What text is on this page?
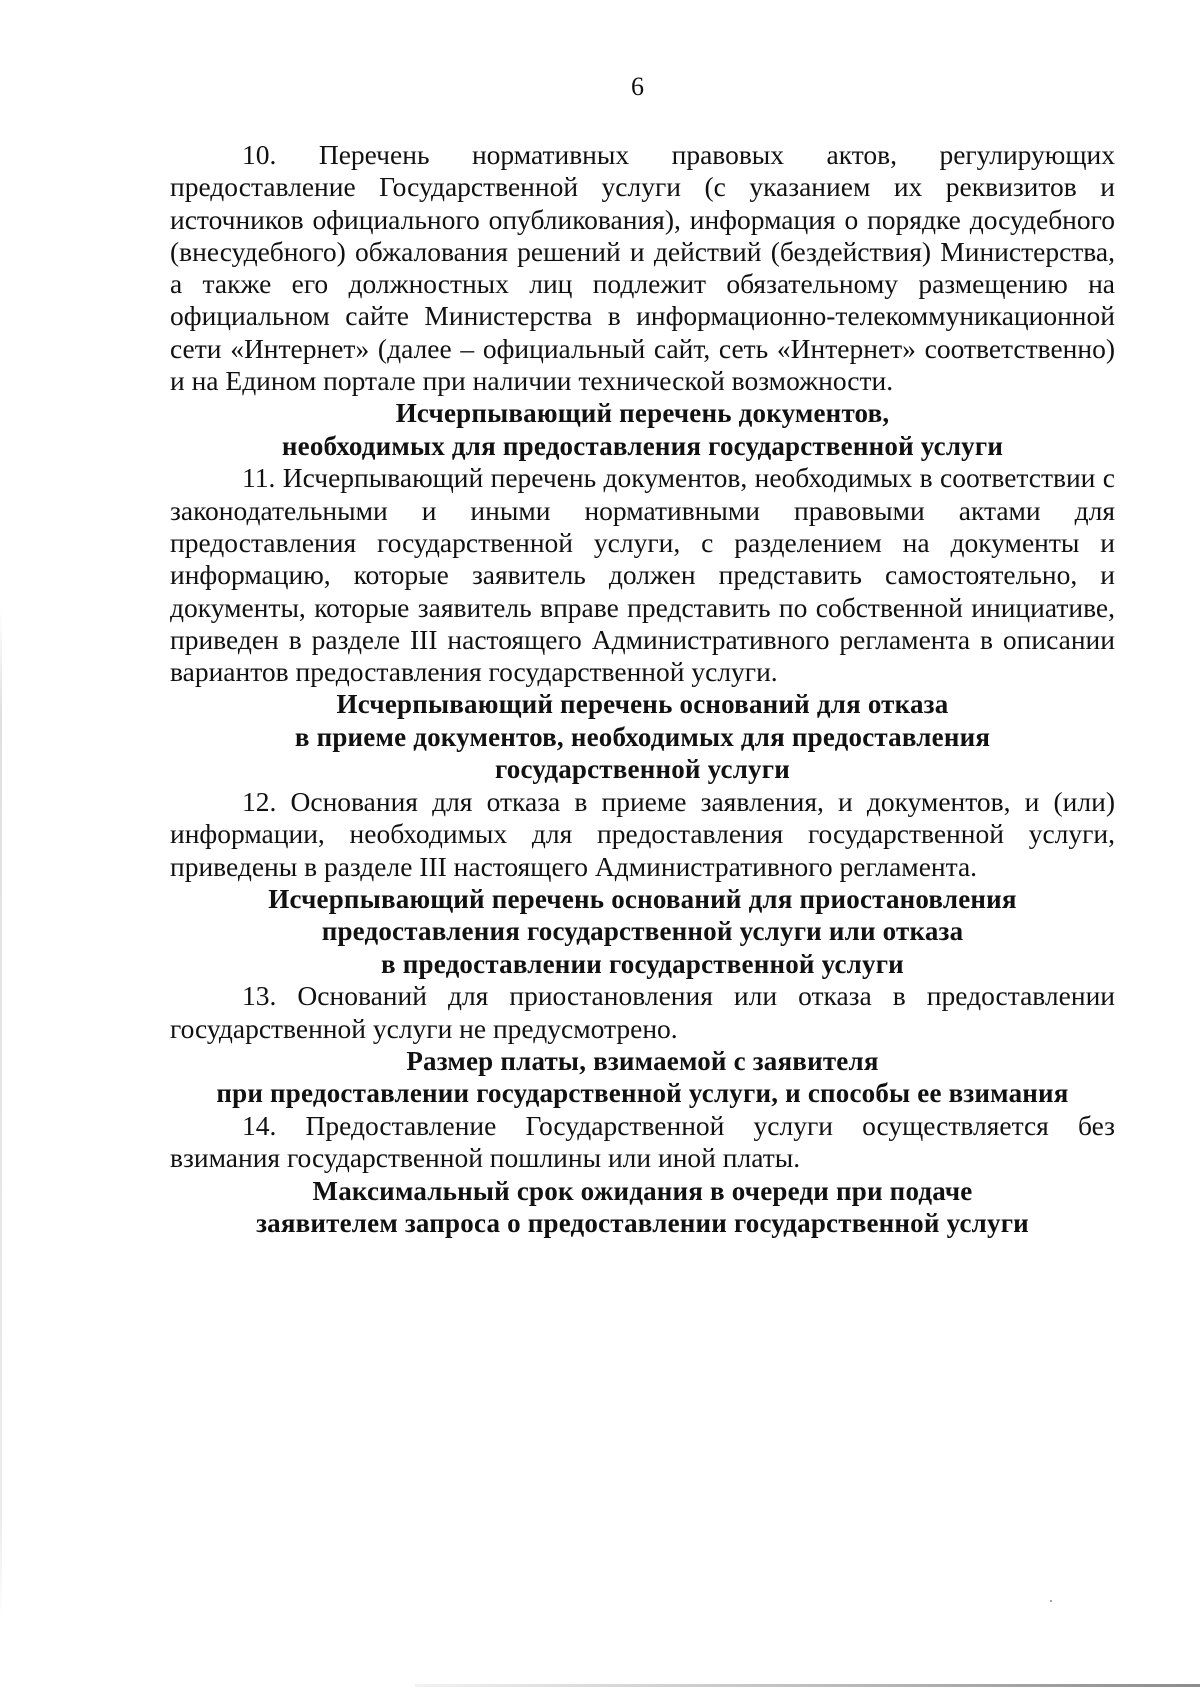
6

10. Перечень нормативных правовых актов, регулирующих предоставление Государственной услуги (с указанием их реквизитов и источников официального опубликования), информация о порядке досудебного (внесудебного) обжалования решений и действий (бездействия) Министерства, а также его должностных лиц подлежит обязательному размещению на официальном сайте Министерства в информационно-телекоммуникационной сети «Интернет» (далее – официальный сайт, сеть «Интернет» соответственно) и на Едином портале при наличии технической возможности.

Исчерпывающий перечень документов,
необходимых для предоставления государственной услуги

11. Исчерпывающий перечень документов, необходимых в соответствии с законодательными и иными нормативными правовыми актами для предоставления государственной услуги, с разделением на документы и информацию, которые заявитель должен представить самостоятельно, и документы, которые заявитель вправе представить по собственной инициативе, приведен в разделе III настоящего Административного регламента в описании вариантов предоставления государственной услуги.

Исчерпывающий перечень оснований для отказа
в приеме документов, необходимых для предоставления
государственной услуги

12. Основания для отказа в приеме заявления, и документов, и (или) информации, необходимых для предоставления государственной услуги, приведены в разделе III настоящего Административного регламента.

Исчерпывающий перечень оснований для приостановления
предоставления государственной услуги или отказа
в предоставлении государственной услуги

13. Оснований для приостановления или отказа в предоставлении государственной услуги не предусмотрено.

Размер платы, взимаемой с заявителя
при предоставлении государственной услуги, и способы ее взимания

14. Предоставление Государственной услуги осуществляется без взимания государственной пошлины или иной платы.

Максимальный срок ожидания в очереди при подаче
заявителем запроса о предоставлении государственной услуги
